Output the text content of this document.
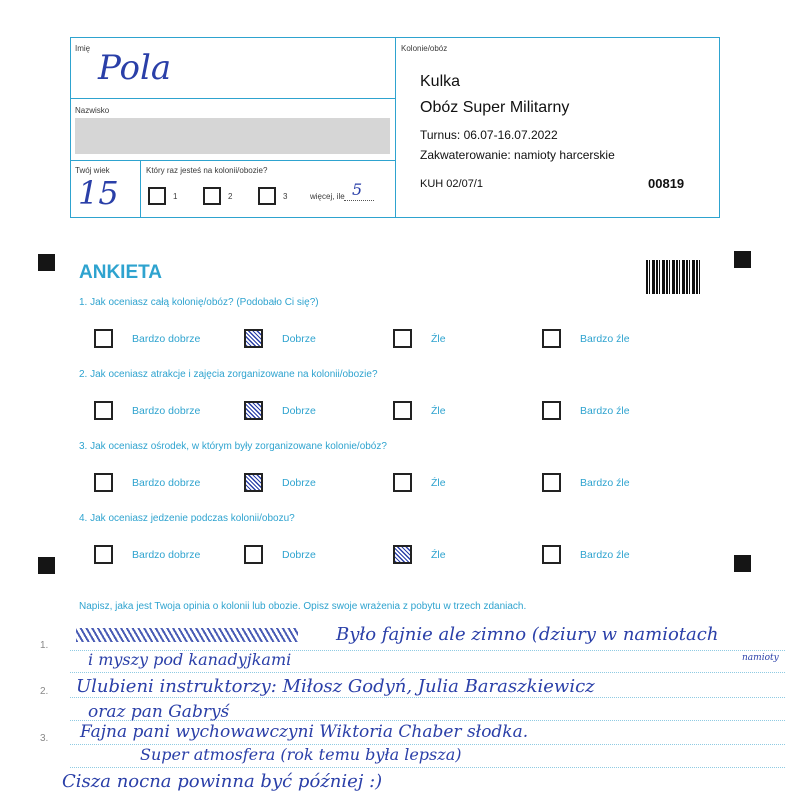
Imię Pola
Nazwisko
Twój wiek
15
Który raz jesteś na kolonii/obozie?
1	2	3	więcej, ile 5
Kolonie/obóz
Kulka
Obóz Super Militarny
Turnus: 06.07-16.07.2022
Zakwaterowanie: namioty harcerskie
KUH 02/07/1	00819
ANKIETA
1. Jak oceniasz całą kolonię/obóz? (Podobało Ci się?)
Bardzo dobrze	Dobrze	Źle	Bardzo źle
2. Jak oceniasz atrakcje i zajęcia zorganizowane na kolonii/obozie?
Bardzo dobrze	Dobrze	Źle	Bardzo źle
3. Jak oceniasz ośrodek, w którym były zorganizowane kolonie/obóz?
Bardzo dobrze	Dobrze	Źle	Bardzo źle
4. Jak oceniasz jedzenie podczas kolonii/obozu?
Bardzo dobrze	Dobrze	Źle	Bardzo źle
Napisz, jaka jest Twoja opinia o kolonii lub obozie. Opisz swoje wrażenia z pobytu w trzech zdaniach.
1.
2.
3.
Było fajnie ale zimno (dziury w namiotach
namioty
i myszy pod kanadyjkami
Ulubieni instruktorzy: Miłosz Godyń, Julia Baraszkiewicz
oraz pan Gabryś
Fajna pani wychowawczyni Wiktoria Chaber słodka.
Super atmosfera (rok temu była lepsza)
Cisza nocna powinna być później :)
